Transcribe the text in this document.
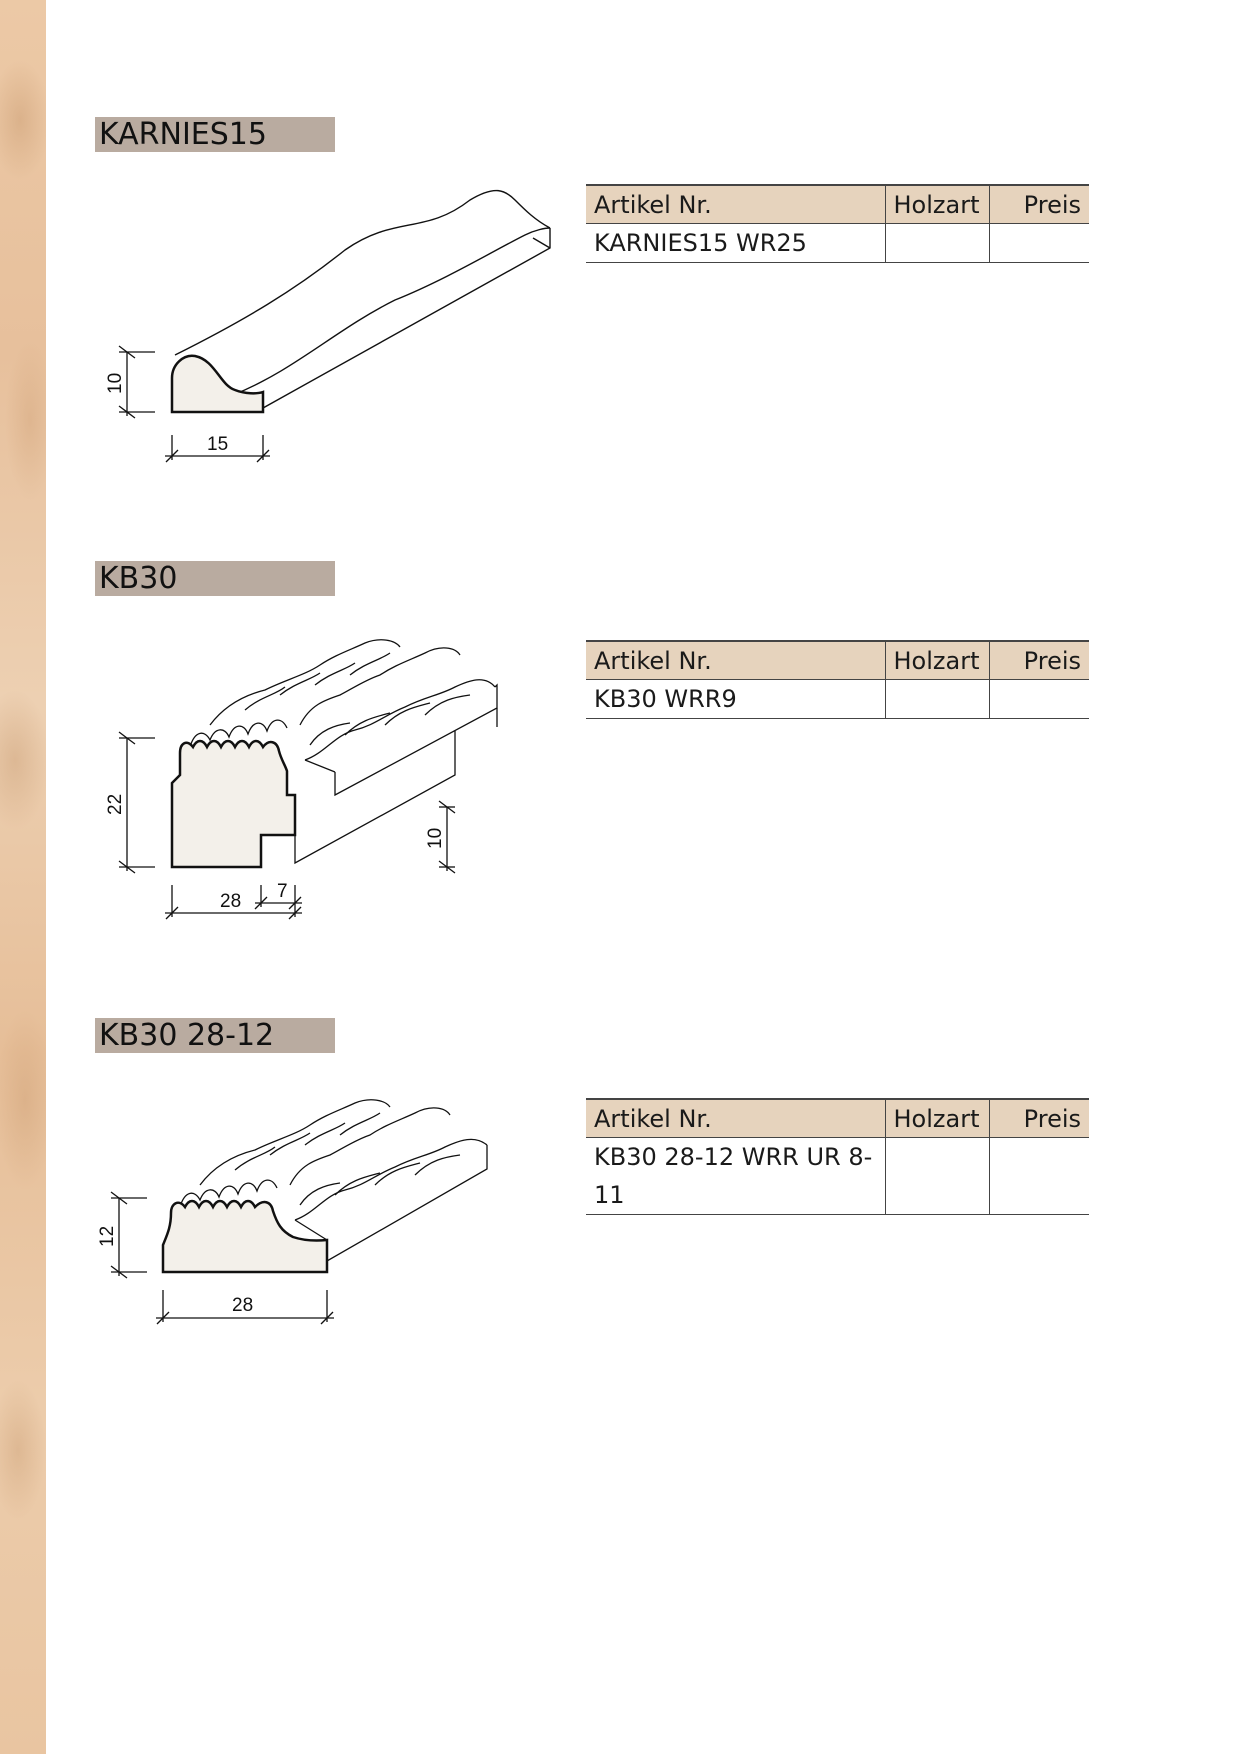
KARNIES15
10
15
Artikel Nr.	Holzart	Preis
KARNIES15 WR25		
KB30
22
28 7
10
Artikel Nr.	Holzart	Preis
KB30 WRR9		
KB30 28-12
12
28
Artikel Nr.	Holzart	Preis
KB30 28-12 WRR UR 8-11		
